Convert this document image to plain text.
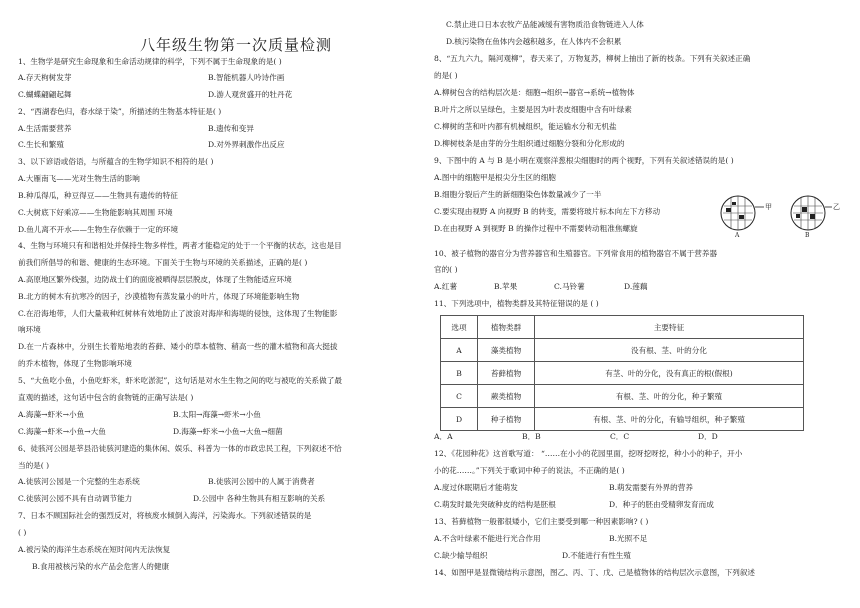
八年级生物第一次质量检测
1、生物学是研究生命现象和生命活动规律的科学，下列不属于生命现象的是( )
A.存天枸树发芽	B.智能机器人吟诗作画
C.蝴蝶翩翩起舞	D.游人观赏盛开的牡丹花
2、“西湖春色归，春水绿于染”，所描述的生物基本特征是( )
A.生活需要营养	B.遗传和变异
C.生长和繁殖	D.对外界刺激作出反应
3、以下谚语或俗语，与所蕴含的生物学知识不相符的是( )
A.大雁南飞——光对生物生活的影响
B.种瓜得瓜，种豆得豆——生物具有遗传的特征
C.大树底下好乘凉——生物能影响其周围 环境
D.鱼儿离不开水——生物生存依赖于一定的环境
4、生物与环境只有和谐相处并保持生物多样性，两者才能稳定的处于一个平衡的状态，这也是目
前我们所倡导的和谐、健康的生态环境。下面关于生物与环境的关系描述，正确的是( )
A.高原地区繁外线强，边防战士们的面庞被晒得层层脱皮，体现了生物能适应环境
B.北方的树木有抗寒冷的因子，沙漠植物有蒸发量小的叶片，体现了环境能影响生物
C.在沿海地带，人们大量栽种红树林有效地防止了波浪对海岸和海堤的侵蚀，这体现了生物能影
响环境
D.在一片森林中，分别生长着贴地表的苔藓、矮小的草本植物、稍高一些的灌木植物和高大挺拔
的乔木植物，体现了生物影响环境
5、“大鱼吃小鱼，小鱼吃虾米，虾米吃淤泥”，这句话是对水生生物之间的吃与被吃的关系做了最
直观的描述，这句话中包含的食物链的正确写法是( )
A.海藻→虾米→小鱼	B.太阳→海藻→虾米→小鱼
C.海藻→虾米→小鱼→大鱼	D.海藻→虾米→小鱼→大鱼→细菌
6、徒骇河公园是莘县沿徒骇河建造的集休闲、娱乐、科普为一体的市政忠民工程，下列叙述不恰
当的是( )
A.徒骇河公园是一个完整的生态系统	B.徒骇河公园中的人属于消费者
C.徒骇河公园不具有自动调节能力	D.公园中 各种生物具有相互影响的关系
7、日本不顾国际社会的强烈反对，将核废水倾倒入海洋，污染海水。下列叙述错误的是
( )
A.被污染的海洋生态系统在短时间内无法恢复
B.食用被核污染的水产品会危害人的健康
C.禁止进口日本农牧产品能减缓有害物质沿食物链进入人体
D.核污染物在鱼体内会越积越多，在人体内不会积累
8、“五九六九，隔河观柳”，春天来了，万物复苏，柳树上抽出了新的枝条。下列有关叙述正确
的是( )
A.柳树包含的结构层次是：细胞→组织→器官→系统→植物体
B.叶片之所以呈绿色，主要是因为叶表皮细胞中含有叶绿素
C.柳树的茎和叶内都有机械组织，能运输水分和无机盐
D.柳树枝条是由芽的分生组织通过细胞分裂和分化形成的
9、下图中的 A 与 B 是小明在观察洋葱根尖细胞时的两个视野，下列有关叙述错误的是( )
A.图中的细胞甲是根尖分生区的细胞
B.细胞分裂后产生的新细胞染色体数量减少了一半
C.要实现由视野 A 向视野 B 的转变，需要将玻片标本向左下方移动
D.在由视野 A 到视野 B 的操作过程中不需要转动粗准焦螺旋
甲	乙
A	B
10、被子植物的器官分为营养器官和生殖器官。下列常食用的植物器官不属于营养器
官的( )
A.红薯	B.苹果	C.马铃薯	D.莲藕
11、下列选项中，植物类群及其特征错误的是 ( )
选项	植物类群	主要特征
A	藻类植物	没有根、茎、叶的分化
B	苔藓植物	有茎、叶的分化，没有真正的根(假根)
C	蕨类植物	有根、茎、叶的分化，种子繁殖
D	种子植物	有根、茎、叶的分化，有输导组织，种子繁殖
A．A	B．B	C．C	D．D
12、《花园种花》这首歌写道： “……在小小的花园里面，挖呀挖呀挖，种小小的种子，开小
小的花……。”下列关于歌词中种子的说法，不正确的是( )
A.度过休眠期后才能萌发	B.萌发需要有外界的营养
C.萌发时最先突破种皮的结构是胚根	D．种子的胚由受精卵发育而成
13、苔藓植物一般都很矮小，它们主要受到哪一种因素影响? ( )
A.不含叶绿素不能进行光合作用	B.光照不足
C.缺少输导组织	D.不能进行有性生殖
14、如图甲是显微镜结构示意图，图乙、丙、丁、戊、己是植物体的结构层次示意图，下列叙述
